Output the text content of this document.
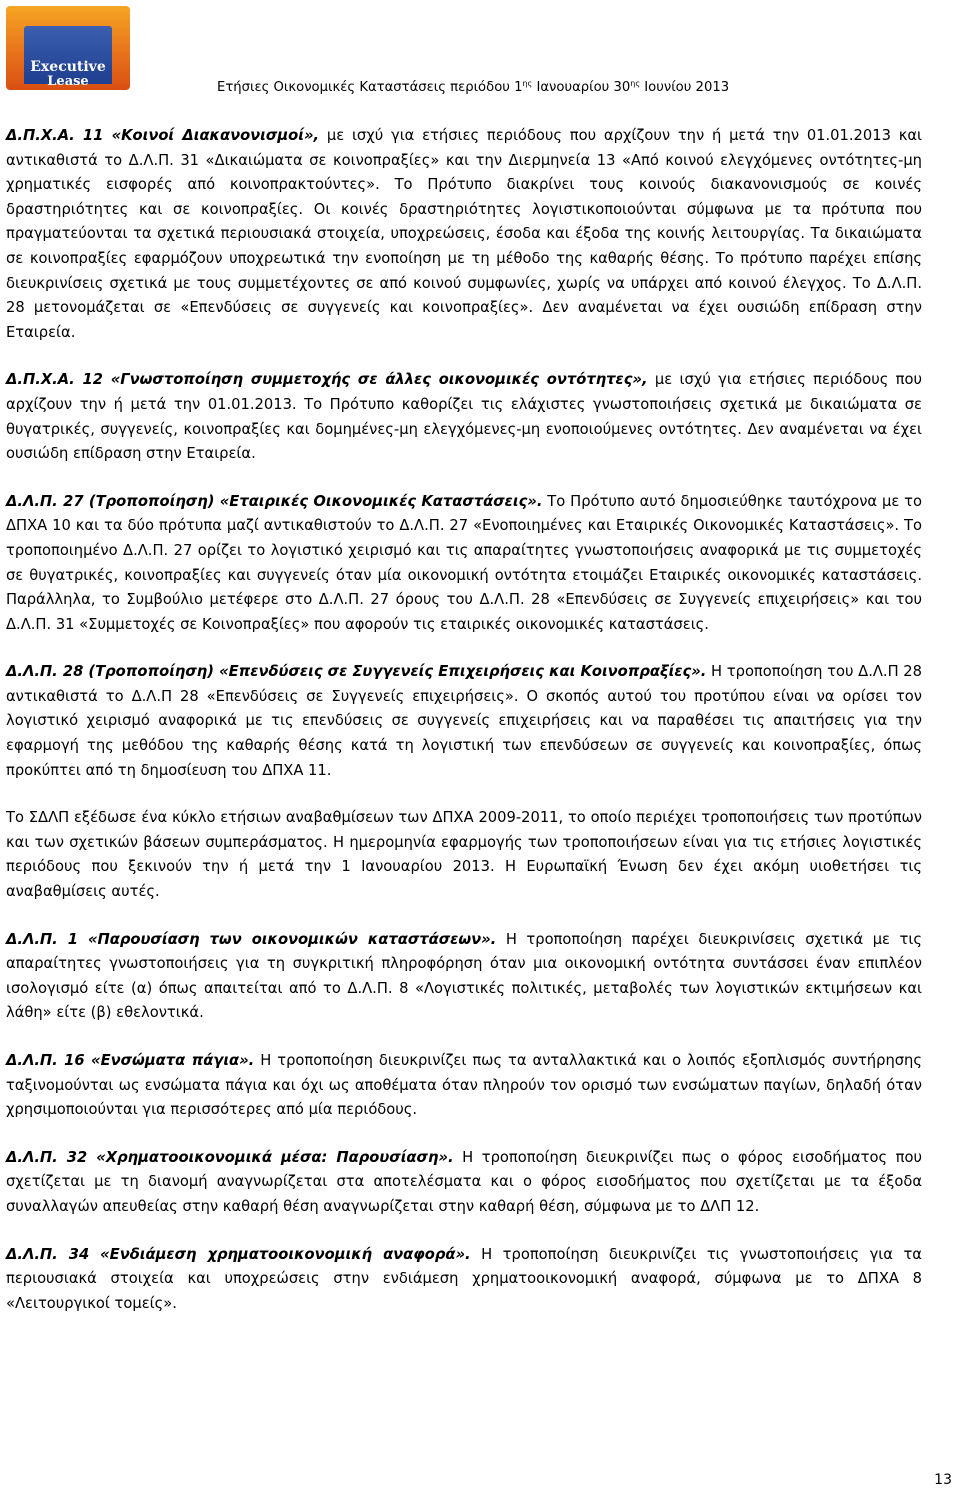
Executive
Lease	Ετήσιες Οικονομικές Καταστάσεις περιόδου $1^{\eta\varsigma}$ Ιανουαρίου $30^{\eta\varsigma}$ Ιουνίου 2013

Δ.Π.Χ.Α. 11 «Κοινοί Διακανονισμοί», με ισχύ για ετήσιες περιόδους που αρχίζουν την ή μετά την 01.01.2013 και αντικαθιστά το Δ.Λ.Π. 31 «Δικαιώματα σε κοινοπραξίες» και την Διερμηνεία 13 «Από κοινού ελεγχόμενες οντότητες-μη χρηματικές εισφορές από κοινοπρακτούντες». Το Πρότυπο διακρίνει τους κοινούς διακανονισμούς σε κοινές δραστηριότητες και σε κοινοπραξίες. Οι κοινές δραστηριότητες λογιστικοποιούνται σύμφωνα με τα πρότυπα που πραγματεύονται τα σχετικά περιουσιακά στοιχεία, υποχρεώσεις, έσοδα και έξοδα της κοινής λειτουργίας. Τα δικαιώματα σε κοινοπραξίες εφαρμόζουν υποχρεωτικά την ενοποίηση με τη μέθοδο της καθαρής θέσης. Το πρότυπο παρέχει επίσης διευκρινίσεις σχετικά με τους συμμετέχοντες σε από κοινού συμφωνίες, χωρίς να υπάρχει από κοινού έλεγχος. Το Δ.Λ.Π. 28 μετονομάζεται σε «Επενδύσεις σε συγγενείς και κοινοπραξίες». Δεν αναμένεται να έχει ουσιώδη επίδραση στην Εταιρεία.

Δ.Π.Χ.Α. 12 «Γνωστοποίηση συμμετοχής σε άλλες οικονομικές οντότητες», με ισχύ για ετήσιες περιόδους που αρχίζουν την ή μετά την 01.01.2013. Το Πρότυπο καθορίζει τις ελάχιστες γνωστοποιήσεις σχετικά με δικαιώματα σε θυγατρικές, συγγενείς, κοινοπραξίες και δομημένες-μη ελεγχόμενες-μη ενοποιούμενες οντότητες. Δεν αναμένεται να έχει ουσιώδη επίδραση στην Εταιρεία.

Δ.Λ.Π. 27 (Τροποποίηση) «Εταιρικές Οικονομικές Καταστάσεις». Το Πρότυπο αυτό δημοσιεύθηκε ταυτόχρονα με το ΔΠΧΑ 10 και τα δύο πρότυπα μαζί αντικαθιστούν το Δ.Λ.Π. 27 «Ενοποιημένες και Εταιρικές Οικονομικές Καταστάσεις». Το τροποποιημένο Δ.Λ.Π. 27 ορίζει το λογιστικό χειρισμό και τις απαραίτητες γνωστοποιήσεις αναφορικά με τις συμμετοχές σε θυγατρικές, κοινοπραξίες και συγγενείς όταν μία οικονομική οντότητα ετοιμάζει Εταιρικές οικονομικές καταστάσεις. Παράλληλα, το Συμβούλιο μετέφερε στο Δ.Λ.Π. 27 όρους του Δ.Λ.Π. 28 «Επενδύσεις σε Συγγενείς επιχειρήσεις» και του Δ.Λ.Π. 31 «Συμμετοχές σε Κοινοπραξίες» που αφορούν τις εταιρικές οικονομικές καταστάσεις.

Δ.Λ.Π. 28 (Τροποποίηση) «Επενδύσεις σε Συγγενείς Επιχειρήσεις και Κοινοπραξίες». Η τροποποίηση του Δ.Λ.Π 28 αντικαθιστά το Δ.Λ.Π 28 «Επενδύσεις σε Συγγενείς επιχειρήσεις». Ο σκοπός αυτού του προτύπου είναι να ορίσει τον λογιστικό χειρισμό αναφορικά με τις επενδύσεις σε συγγενείς επιχειρήσεις και να παραθέσει τις απαιτήσεις για την εφαρμογή της μεθόδου της καθαρής θέσης κατά τη λογιστική των επενδύσεων σε συγγενείς και κοινοπραξίες, όπως προκύπτει από τη δημοσίευση του ΔΠΧΑ 11.

Το ΣΔΛΠ εξέδωσε ένα κύκλο ετήσιων αναβαθμίσεων των ΔΠΧΑ 2009-2011, το οποίο περιέχει τροποποιήσεις των προτύπων και των σχετικών βάσεων συμπεράσματος. Η ημερομηνία εφαρμογής των τροποποιήσεων είναι για τις ετήσιες λογιστικές περιόδους που ξεκινούν την ή μετά την 1 Ιανουαρίου 2013. Η Ευρωπαϊκή Ένωση δεν έχει ακόμη υιοθετήσει τις αναβαθμίσεις αυτές.

Δ.Λ.Π. 1 «Παρουσίαση των οικονομικών καταστάσεων». Η τροποποίηση παρέχει διευκρινίσεις σχετικά με τις απαραίτητες γνωστοποιήσεις για τη συγκριτική πληροφόρηση όταν μια οικονομική οντότητα συντάσσει έναν επιπλέον ισολογισμό είτε (α) όπως απαιτείται από το Δ.Λ.Π. 8 «Λογιστικές πολιτικές, μεταβολές των λογιστικών εκτιμήσεων και λάθη» είτε (β) εθελοντικά.

Δ.Λ.Π. 16 «Ενσώματα πάγια». Η τροποποίηση διευκρινίζει πως τα ανταλλακτικά και ο λοιπός εξοπλισμός συντήρησης ταξινομούνται ως ενσώματα πάγια και όχι ως αποθέματα όταν πληρούν τον ορισμό των ενσώματων παγίων, δηλαδή όταν χρησιμοποιούνται για περισσότερες από μία περιόδους.

Δ.Λ.Π. 32 «Χρηματοοικονομικά μέσα: Παρουσίαση». Η τροποποίηση διευκρινίζει πως ο φόρος εισοδήματος που σχετίζεται με τη διανομή αναγνωρίζεται στα αποτελέσματα και ο φόρος εισοδήματος που σχετίζεται με τα έξοδα συναλλαγών απευθείας στην καθαρή θέση αναγνωρίζεται στην καθαρή θέση, σύμφωνα με το ΔΛΠ 12.

Δ.Λ.Π. 34 «Ενδιάμεση χρηματοοικονομική αναφορά». Η τροποποίηση διευκρινίζει τις γνωστοποιήσεις για τα περιουσιακά στοιχεία και υποχρεώσεις στην ενδιάμεση χρηματοοικονομική αναφορά, σύμφωνα με το ΔΠΧΑ 8 «Λειτουργικοί τομείς».

13
